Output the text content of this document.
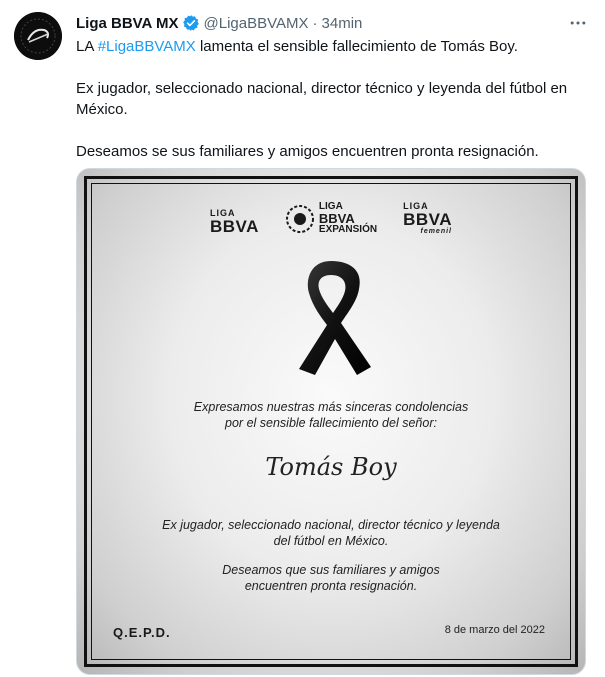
Liga BBVA MX @LigaBBVAMX · 34min

LA #LigaBBVAMX lamenta el sensible fallecimiento de Tomás Boy.

Ex jugador, seleccionado nacional, director técnico y leyenda del fútbol en México.

Deseamos se sus familiares y amigos encuentren pronta resignación.

LIGA
BBVA
LIGA
BBVA
EXPANSIÓN
LIGA
BBVA
femenil
Expresamos nuestras más sinceras condolencias
por el sensible fallecimiento del señor:
Tomás Boy
Ex jugador, seleccionado nacional, director técnico y leyenda
del fútbol en México.
Deseamos que sus familiares y amigos
encuentren pronta resignación.
Q.E.P.D.	8 de marzo del 2022
